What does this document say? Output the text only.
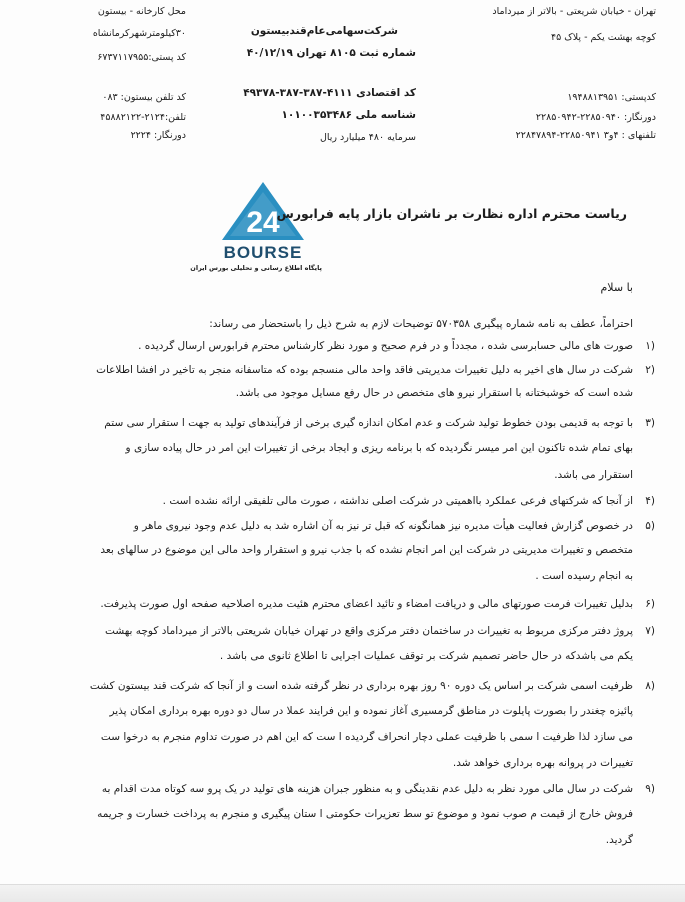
محل کارخانه - بیستون
۳۰کیلومترشهرکرمانشاه
کد پستی:۶۷۳۷۱۱۷۹۵۵
کد تلفن بیستون: ۰۸۳
تلفن:۲۱۲۴-۴۵۸۸۲۱۲۲
دورنگار: ۲۲۲۴
شرکت‌سهامی‌عام‌قندبیستون
شماره ثبت ۸۱۰۵ تهران ۴۰/۱۲/۱۹
کد اقتصادی ۴۱۱۱-۳۸۷-۳۸۷-۴۹۳۷۸
شناسه ملی ۱۰۱۰۰۳۵۳۴۸۶
سرمایه ۴۸۰ میلیارد ریال
تهران - خیابان شریعتی - بالاتر از میرداماد
کوچه بهشت یکم - پلاک ۴۵
کدپستی: ۱۹۴۸۸۱۳۹۵۱
دورنگار: ۲۲۸۵۰۹۴۰-۲۲۸۵۰۹۴۲
تلفنهای : ۴و۳ ۲۲۸۵۰۹۴۱-۲۲۸۴۷۸۹۴
24
BOURSE
پایگاه اطلاع رسانی و تحلیلی بورس ایران
ریاست محترم اداره نظارت بر ناشران بازار پایه فرابورس
با سلام
احتراماً، عطف به نامه شماره پیگیری ۵۷۰۳۵۸ توضیحات لازم به شرح ذیل را باستحضار می رساند:
(۱
صورت های مالی حسابرسی شده ، مجدداً و در فرم صحیح و مورد نظر کارشناس محترم فرابورس ارسال گردیده .
(۲
شرکت در سال های اخیر به دلیل تغییرات مدیریتی فاقد واحد مالی منسجم بوده که متاسفانه منجر به تاخیر در افشا اطلاعات
شده است که خوشبختانه با استقرار نیرو های متخصص در حال رفع مسایل موجود می باشد.
(۳
با توجه به قدیمی بودن خطوط تولید شرکت و عدم امکان اندازه گیری برخی از فرآیندهای تولید به جهت ا ستقرار سی ستم
بهای تمام شده تاکنون این امر میسر نگردیده که با برنامه ریزی و ایجاد برخی از تغییرات این امر در حال پیاده سازی و
استقرار می باشد.
(۴
از آنجا که شرکتهای فرعی عملکرد بااهمیتی در شرکت اصلی نداشته ، صورت مالی تلفیقی ارائه نشده است .
(۵
در خصوص گزارش فعالیت هیأت مدیره نیز همانگونه که قبل تر نیز به آن اشاره شد به دلیل عدم وجود نیروی ماهر و
متخصص و تغییرات مدیریتی در شرکت این امر انجام نشده که با جذب نیرو و استقرار واحد مالی این موضوع در سالهای بعد
به انجام رسیده است .
(۶
بدلیل تغییرات فرمت صورتهای مالی و دریافت امضاء و تائید اعضای محترم هئیت مدیره اصلاحیه صفحه اول صورت پذیرفت.
(۷
پروژ دفتر مرکزی مربوط به تغییرات در ساختمان دفتر مرکزی واقع در تهران خیابان شریعتی بالاتر از میرداماد کوچه بهشت
یکم می باشدکه در حال حاضر تصمیم شرکت بر توقف عملیات اجرایی تا اطلاع ثانوی می باشد .
(۸
ظرفیت اسمی شرکت بر اساس یک دوره ۹۰ روز بهره برداری در نظر گرفته شده است و از آنجا که شرکت قند بیستون کشت
پائیزه چغندر را بصورت پایلوت در مناطق گرمسیری آغاز نموده و این فرایند عملا در سال دو دوره بهره برداری امکان پذیر
می سازد لذا ظرفیت ا سمی با ظرفیت عملی دچار انحراف گردیده ا ست که این اهم در صورت تداوم منجرم به درخوا ست
تغییرات در پروانه بهره برداری خواهد شد.
(۹
شرکت در سال مالی مورد نظر به دلیل عدم نقدینگی و به منظور جبران هزینه های تولید در یک پرو سه کوتاه مدت اقدام به
فروش خارج از قیمت م صوب نمود و موضوع تو سط تعزیرات حکومتی ا ستان پیگیری و منجرم به پرداخت خسارت و جریمه
گردید.
